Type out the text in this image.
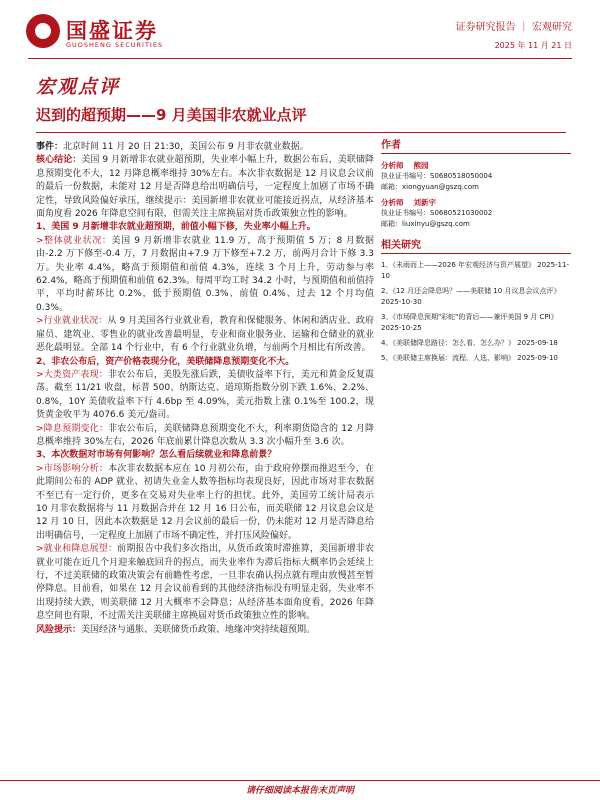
国盛证券
GUOSHENG SECURITIES
证券研究报告 ｜ 宏观研究
2025 年 11 月 21 日
宏观点评
迟到的超预期——9 月美国非农就业点评

事件：北京时间 11 月 20 日 21:30，美国公布 9 月非农就业数据。

核心结论：美国 9 月新增非农就业超预期，失业率小幅上升，数据公布后，美联储降息预期变化不大，12 月降息概率维持 30%左右。本次非农数据是 12 月议息会议前的最后一份数据，未能对 12 月是否降息给出明确信号，一定程度上加剧了市场不确定性，导致风险偏好承压，继续提示：美国新增非农就业可能接近拐点，从经济基本面角度看 2026 年降息空间有限，但需关注主席换届对货币政策独立性的影响。

1、美国 9 月新增非农就业超预期，前值小幅下修，失业率小幅上升。

>整体就业状况：美国 9 月新增非农就业 11.9 万，高于预期值 5 万；8 月数据由-2.2 万下修至-0.4 万，7 月数据由+7.9 万下修至+7.2 万，前两月合计下修 3.3 万。失业率 4.4%，略高于预期值和前值 4.3%，连续 3 个月上升，劳动参与率 62.4%，略高于预期值和前值 62.3%。每周平均工时 34.2 小时，与预期值和前值持平，平均时薪环比 0.2%，低于预期值 0.3%、前值 0.4%、过去 12 个月均值 0.3%。

>行业就业状况：从 9 月美国各行业就业看，教育和保健服务、休闲和酒店业、政府雇员、建筑业、零售业的就业改善最明显，专业和商业服务业、运输和仓储业的就业恶化最明显。全部 14 个行业中，有 6 个行业就业负增，与前两个月相比有所改善。

2、非农公布后，资产价格表现分化，美联储降息预期变化不大。

>大类资产表现：非农公布后，美股先涨后跌，美债收益率下行，美元和黄金反复震荡。截至 11/21 收盘，标普 500、纳斯达克、道琼斯指数分别下跌 1.6%、2.2%、0.8%，10Y 美债收益率下行 4.6bp 至 4.09%，美元指数上涨 0.1%至 100.2，现货黄金收平为 4076.6 美元/盎司。

>降息预期变化：非农公布后，美联储降息预期变化不大，利率期货隐含的 12 月降息概率维持 30%左右，2026 年底前累计降息次数从 3.3 次小幅升至 3.6 次。

3、本次数据对市场有何影响？怎么看后续就业和降息前景？

>市场影响分析：本次非农数据本应在 10 月初公布，由于政府停摆而推迟至今，在此期间公布的 ADP 就业、初请失业金人数等指标均表现良好，因此市场对非农数据不至已有一定行价，更多在交易对失业率上行的担忧。此外，美国劳工统计局表示 10 月非农数据将与 11 月数据合并在 12 月 16 日公布，而美联储 12 月议息会议是 12 月 10 日，因此本次数据是 12 月会议前的最后一份，仍未能对 12 月是否降息给出明确信号，一定程度上加剧了市场不确定性，并打压风险偏好。

>就业和降息展望：前期报告中我们多次指出，从货币政策时滞推算，美国新增非农就业可能在近几个月迎来触底回升的拐点，而失业率作为滞后指标大概率仍会延续上行，不过美联储的政策决策会有前瞻性考虑，一旦非农确认拐点就有理由放慢甚至暂停降息。目前看，如果在 12 月会议前看到的其他经济指标没有明显走弱，失业率不出现持续大跌，则美联储 12 月大概率不会降息；从经济基本面角度看，2026 年降息空间也有限，不过需关注美联储主席换届对货币政策独立性的影响。

风险提示：美国经济与通胀、美联储货币政策、地缘冲突持续超预期。

作者
分析师 熊园
执业证书编号：S0680518050004
邮箱：xiongyuan@gszq.com
分析师 刘新宇
执业证书编号：S0680521030002
邮箱：liuxinyu@gszq.com
相关研究

1、《未雨而上——2026 年宏观经济与资产展望》 2025-11-10

2、《12 月还会降息吗？——美联储 10 月议息会议点评》 2025-10-30

3、《市场降息预期"彩蛇"的背后——兼评美国 9 月 CPI》 2025-10-25

4、《美联储降息路径：怎么看、怎么办？》 2025-09-18

5、《美联储主席换届：流程、人选、影响》 2025-09-10

请仔细阅读本报告末页声明
